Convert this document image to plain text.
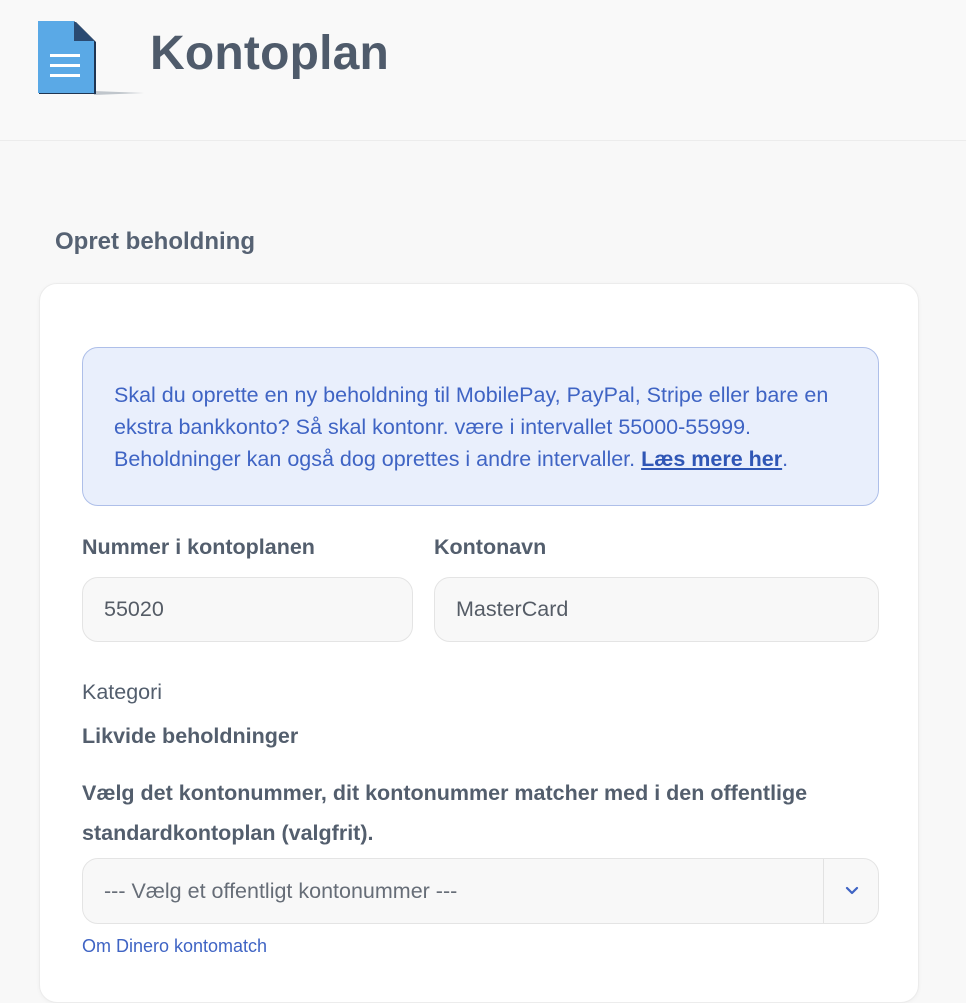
Kontoplan
Opret beholdning
Skal du oprette en ny beholdning til MobilePay, PayPal, Stripe eller bare en ekstra bankkonto? Så skal kontonr. være i intervallet 55000-55999. Beholdninger kan også dog oprettes i andre intervaller. Læs mere her.
Nummer i kontoplanen
55020
Kontonavn
MasterCard
Kategori
Likvide beholdninger
Vælg det kontonummer, dit kontonummer matcher med i den offentlige standardkontoplan (valgfrit).
--- Vælg et offentligt kontonummer ---
Om Dinero kontomatch
